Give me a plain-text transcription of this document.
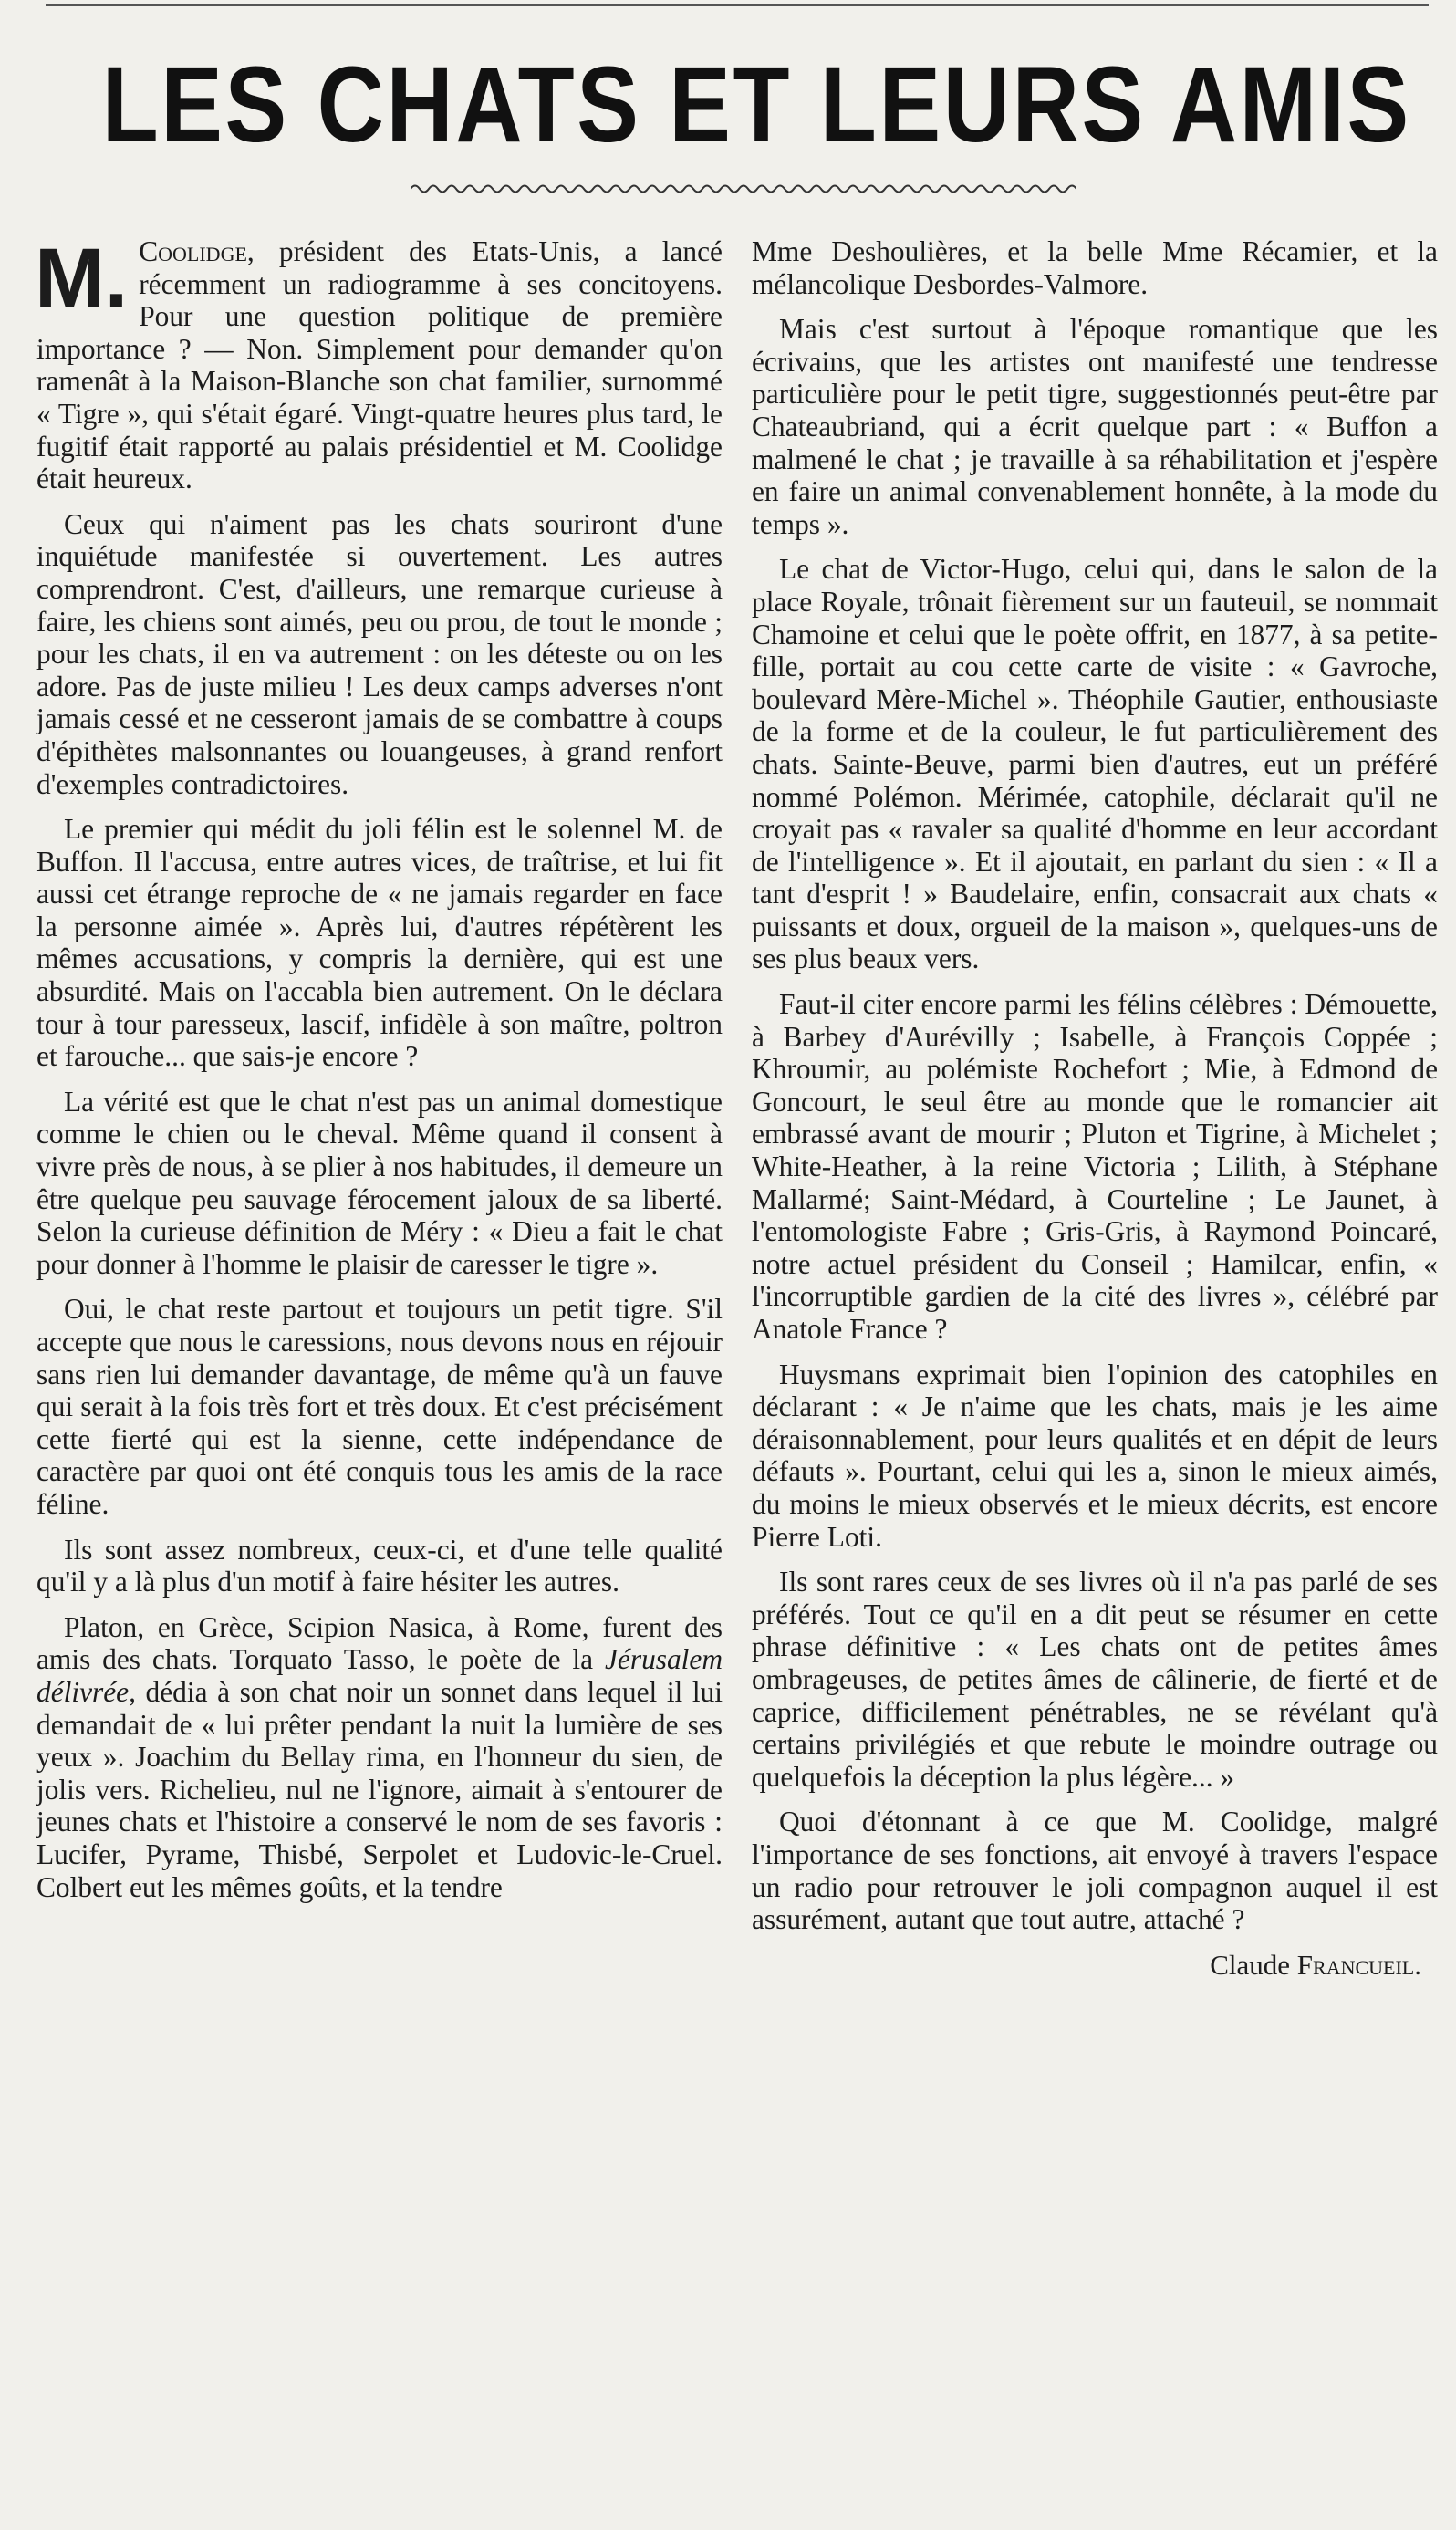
LES CHATS ET LEURS AMIS

M. Coolidge, président des Etats-Unis, a lancé récemment un radiogramme à ses concitoyens. Pour une question politique de première importance ? — Non. Simplement pour demander qu'on ramenât à la Maison-Blanche son chat familier, surnommé « Tigre », qui s'était égaré. Vingt-quatre heures plus tard, le fugitif était rapporté au palais présidentiel et M. Coolidge était heureux.

Ceux qui n'aiment pas les chats souriront d'une inquiétude manifestée si ouvertement. Les autres comprendront. C'est, d'ailleurs, une remarque curieuse à faire, les chiens sont aimés, peu ou prou, de tout le monde ; pour les chats, il en va autrement : on les déteste ou on les adore. Pas de juste milieu ! Les deux camps adverses n'ont jamais cessé et ne cesseront jamais de se combattre à coups d'épithètes malsonnantes ou louangeuses, à grand renfort d'exemples contradictoires.

Le premier qui médit du joli félin est le solennel M. de Buffon. Il l'accusa, entre autres vices, de traîtrise, et lui fit aussi cet étrange reproche de « ne jamais regarder en face la personne aimée ». Après lui, d'autres répétèrent les mêmes accusations, y compris la dernière, qui est une absurdité. Mais on l'accabla bien autrement. On le déclara tour à tour paresseux, lascif, infidèle à son maître, poltron et farouche... que sais-je encore ?

La vérité est que le chat n'est pas un animal domestique comme le chien ou le cheval. Même quand il consent à vivre près de nous, à se plier à nos habitudes, il demeure un être quelque peu sauvage férocement jaloux de sa liberté. Selon la curieuse définition de Méry : « Dieu a fait le chat pour donner à l'homme le plaisir de caresser le tigre ».

Oui, le chat reste partout et toujours un petit tigre. S'il accepte que nous le caressions, nous devons nous en réjouir sans rien lui demander davantage, de même qu'à un fauve qui serait à la fois très fort et très doux. Et c'est précisément cette fierté qui est la sienne, cette indépendance de caractère par quoi ont été conquis tous les amis de la race féline.

Ils sont assez nombreux, ceux-ci, et d'une telle qualité qu'il y a là plus d'un motif à faire hésiter les autres.

Platon, en Grèce, Scipion Nasica, à Rome, furent des amis des chats. Torquato Tasso, le poète de la Jérusalem délivrée, dédia à son chat noir un sonnet dans lequel il lui demandait de « lui prêter pendant la nuit la lumière de ses yeux ». Joachim du Bellay rima, en l'honneur du sien, de jolis vers. Richelieu, nul ne l'ignore, aimait à s'entourer de jeunes chats et l'histoire a conservé le nom de ses favoris : Lucifer, Pyrame, Thisbé, Serpolet et Ludovic-le-Cruel. Colbert eut les mêmes goûts, et la tendre

Mme Deshoulières, et la belle Mme Récamier, et la mélancolique Desbordes-Valmore.

Mais c'est surtout à l'époque romantique que les écrivains, que les artistes ont manifesté une tendresse particulière pour le petit tigre, suggestionnés peut-être par Chateaubriand, qui a écrit quelque part : « Buffon a malmené le chat ; je travaille à sa réhabilitation et j'espère en faire un animal convenablement honnête, à la mode du temps ».

Le chat de Victor-Hugo, celui qui, dans le salon de la place Royale, trônait fièrement sur un fauteuil, se nommait Chamoine et celui que le poète offrit, en 1877, à sa petite-fille, portait au cou cette carte de visite : « Gavroche, boulevard Mère-Michel ». Théophile Gautier, enthousiaste de la forme et de la couleur, le fut particulièrement des chats. Sainte-Beuve, parmi bien d'autres, eut un préféré nommé Polémon. Mérimée, catophile, déclarait qu'il ne croyait pas « ravaler sa qualité d'homme en leur accordant de l'intelligence ». Et il ajoutait, en parlant du sien : « Il a tant d'esprit ! » Baudelaire, enfin, consacrait aux chats « puissants et doux, orgueil de la maison », quelques-uns de ses plus beaux vers.

Faut-il citer encore parmi les félins célèbres : Démouette, à Barbey d'Aurévilly ; Isabelle, à François Coppée ; Khroumir, au polémiste Rochefort ; Mie, à Edmond de Goncourt, le seul être au monde que le romancier ait embrassé avant de mourir ; Pluton et Tigrine, à Michelet ; White-Heather, à la reine Victoria ; Lilith, à Stéphane Mallarmé; Saint-Médard, à Courteline ; Le Jaunet, à l'entomologiste Fabre ; Gris-Gris, à Raymond Poincaré, notre actuel président du Conseil ; Hamilcar, enfin, « l'incorruptible gardien de la cité des livres », célébré par Anatole France ?

Huysmans exprimait bien l'opinion des catophiles en déclarant : « Je n'aime que les chats, mais je les aime déraisonnablement, pour leurs qualités et en dépit de leurs défauts ». Pourtant, celui qui les a, sinon le mieux aimés, du moins le mieux observés et le mieux décrits, est encore Pierre Loti.

Ils sont rares ceux de ses livres où il n'a pas parlé de ses préférés. Tout ce qu'il en a dit peut se résumer en cette phrase définitive : « Les chats ont de petites âmes ombrageuses, de petites âmes de câlinerie, de fierté et de caprice, difficilement pénétrables, ne se révélant qu'à certains privilégiés et que rebute le moindre outrage ou quelquefois la déception la plus légère... »

Quoi d'étonnant à ce que M. Coolidge, malgré l'importance de ses fonctions, ait envoyé à travers l'espace un radio pour retrouver le joli compagnon auquel il est assurément, autant que tout autre, attaché ?

Claude Francueil.
